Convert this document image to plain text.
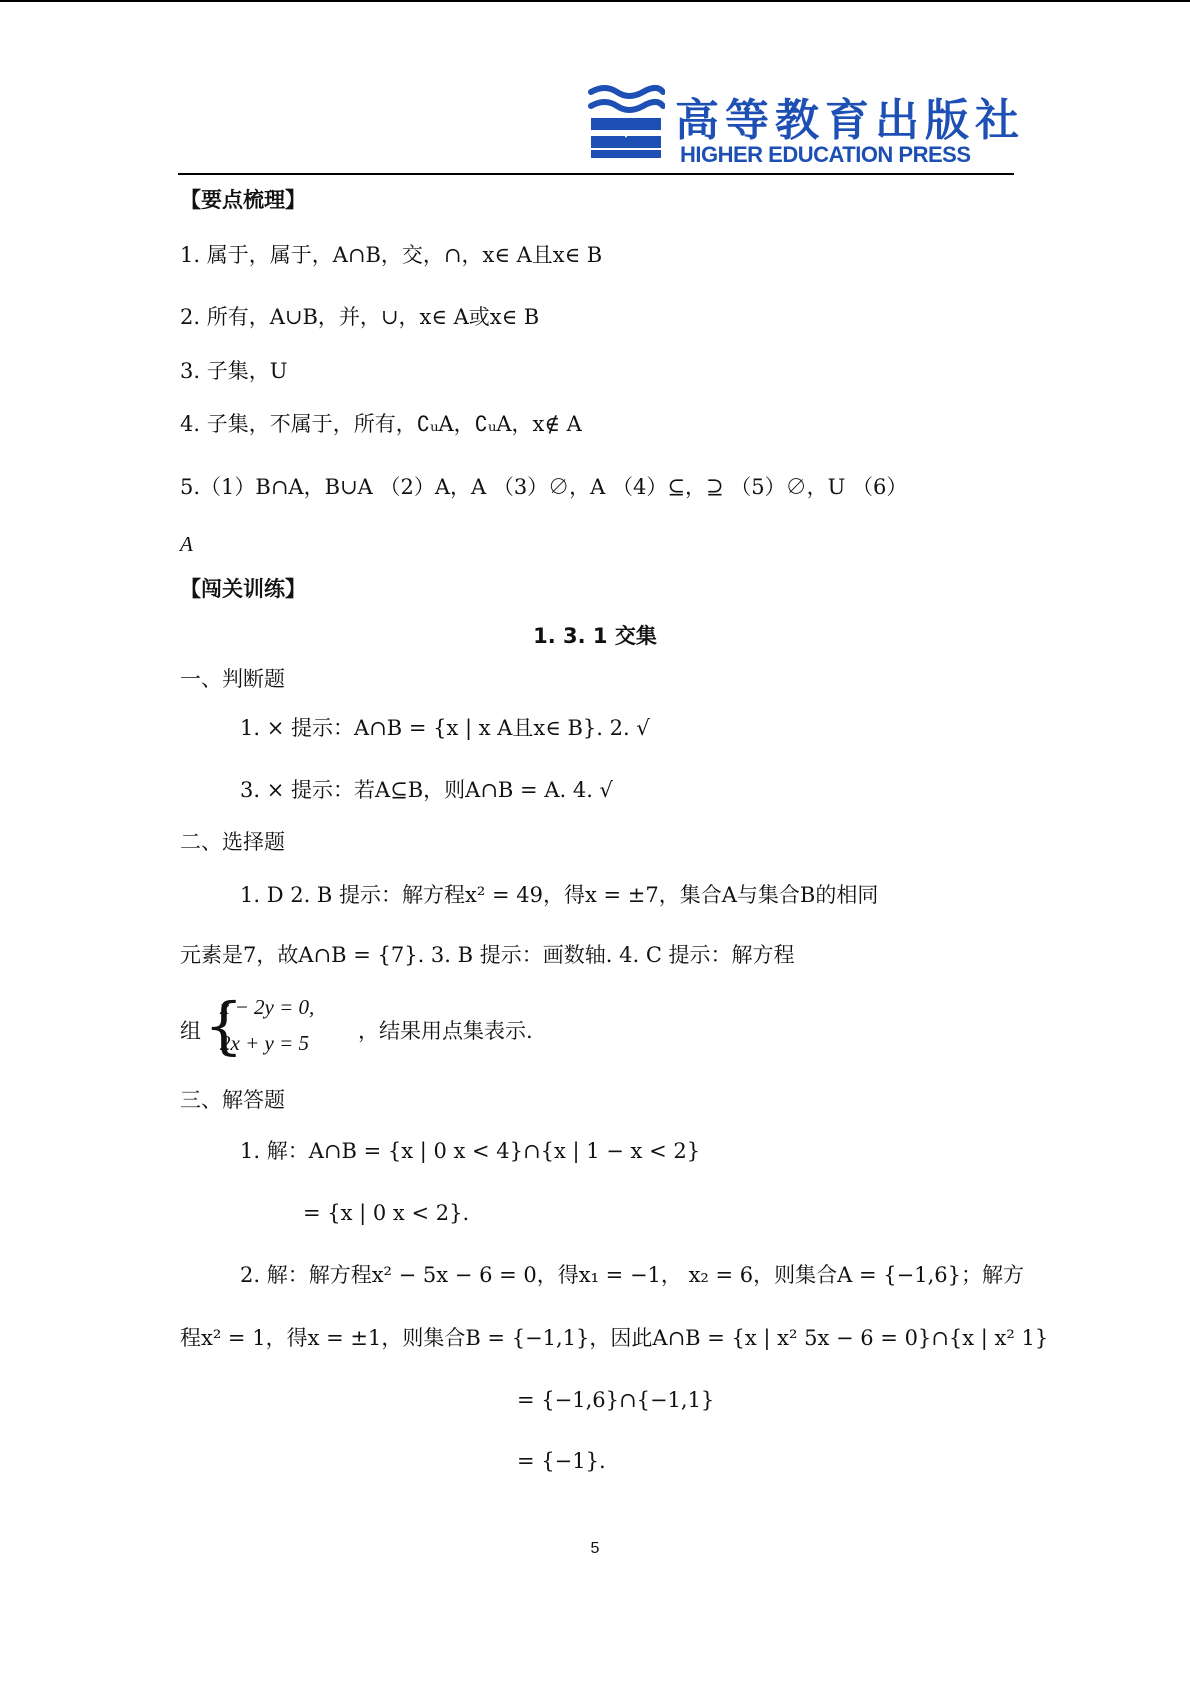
高等教育出版社
HIGHER EDUCATION PRESS
【要点梳理】
1. 属于，属于，A∩B，交，∩，x∈ A且x∈ B
2. 所有，A∪B，并，∪，x∈ A或x∈ B
3. 子集，U
4. 子集，不属于，所有，∁ᵤA，∁ᵤA，x∉ A
5.（1）B∩A，B∪A （2）A，A （3）∅，A （4）⊆，⊇ （5）∅，U （6）
A
【闯关训练】
1. 3. 1 交集
一、判断题
1. × 提示：A∩B = {x | x A且x∈ B}. 2. √
3. × 提示：若A⊆B，则A∩B = A. 4. √
二、选择题
1. D 2. B 提示：解方程x² = 49，得x = ±7，集合A与集合B的相同
元素是7，故A∩B = {7}. 3. B 提示：画数轴. 4. C 提示：解方程
组 {
x − 2y = 0,
2x + y = 5 ，结果用点集表示.
三、解答题
1. 解：A∩B = {x | 0 x < 4}∩{x | 1 − x < 2}
= {x | 0 x < 2}.
2. 解：解方程x² − 5x − 6 = 0，得x₁ = −1， x₂ = 6，则集合A = {−1,6}；解方
程x² = 1，得x = ±1，则集合B = {−1,1}，因此A∩B = {x | x² 5x − 6 = 0}∩{x | x² 1}
= {−1,6}∩{−1,1}
= {−1}.
5
